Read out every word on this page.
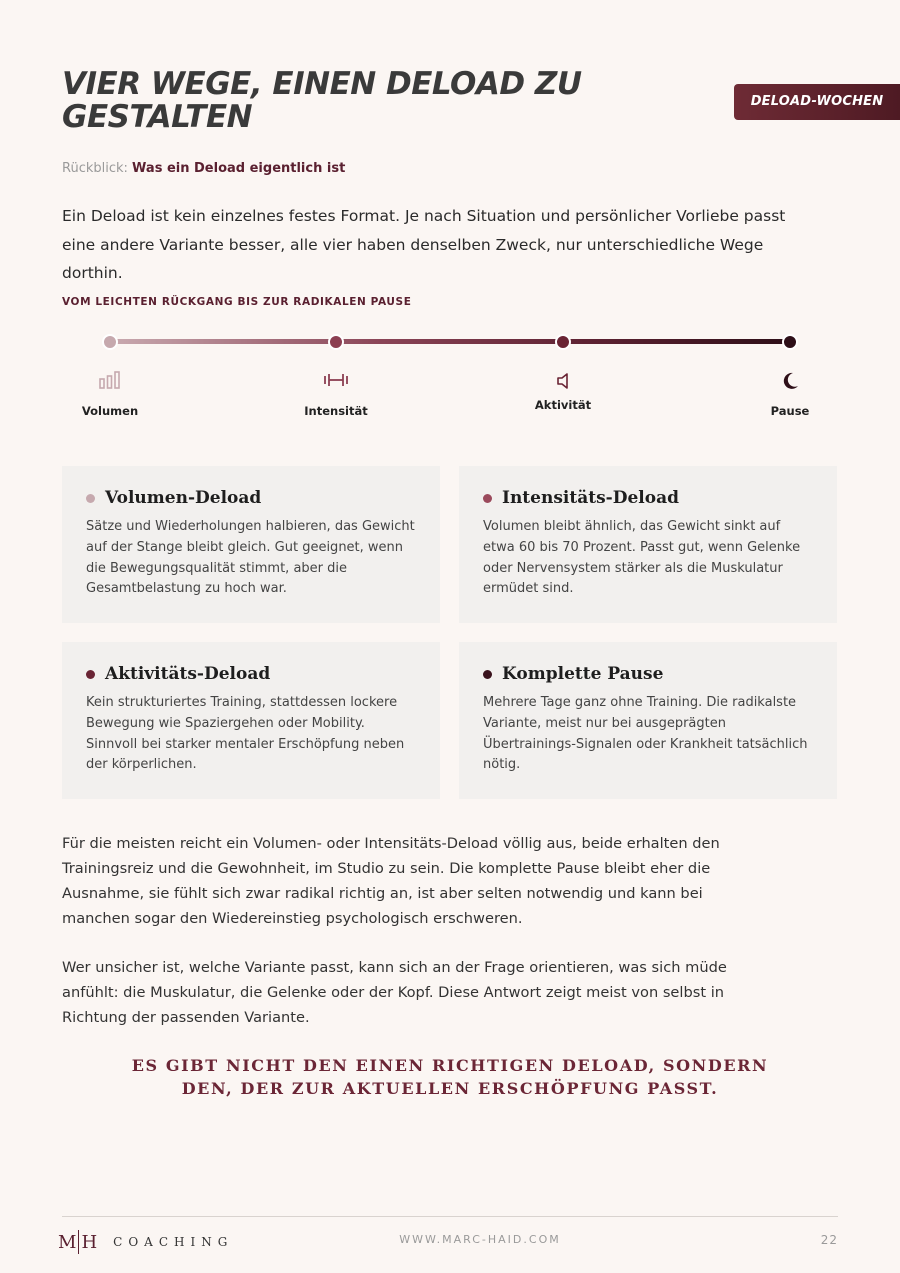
VIER WEGE, EINEN DELOAD ZU GESTALTEN	DELOAD-WOCHEN
Rückblick: Was ein Deload eigentlich ist

Ein Deload ist kein einzelnes festes Format. Je nach Situation und persönlicher Vorliebe passt eine andere Variante besser, alle vier haben denselben Zweck, nur unterschiedliche Wege dorthin.

VOM LEICHTEN RÜCKGANG BIS ZUR RADIKALEN PAUSE
Volumen	Intensität	Aktivität	Pause
Volumen-Deload

Sätze und Wiederholungen halbieren, das Gewicht auf der Stange bleibt gleich. Gut geeignet, wenn die Bewegungsqualität stimmt, aber die Gesamtbelastung zu hoch war.

Intensitäts-Deload

Volumen bleibt ähnlich, das Gewicht sinkt auf etwa 60 bis 70 Prozent. Passt gut, wenn Gelenke oder Nervensystem stärker als die Muskulatur ermüdet sind.

Aktivitäts-Deload

Kein strukturiertes Training, stattdessen lockere Bewegung wie Spaziergehen oder Mobility. Sinnvoll bei starker mentaler Erschöpfung neben der körperlichen.

Komplette Pause

Mehrere Tage ganz ohne Training. Die radikalste Variante, meist nur bei ausgeprägten Übertrainings-Signalen oder Krankheit tatsächlich nötig.

Für die meisten reicht ein Volumen- oder Intensitäts-Deload völlig aus, beide erhalten den Trainingsreiz und die Gewohnheit, im Studio zu sein. Die komplette Pause bleibt eher die Ausnahme, sie fühlt sich zwar radikal richtig an, ist aber selten notwendig und kann bei manchen sogar den Wiedereinstieg psychologisch erschweren.

Wer unsicher ist, welche Variante passt, kann sich an der Frage orientieren, was sich müde anfühlt: die Muskulatur, die Gelenke oder der Kopf. Diese Antwort zeigt meist von selbst in Richtung der passenden Variante.

ES GIBT NICHT DEN EINEN RICHTIGEN DELOAD, SONDERN DEN, DER ZUR AKTUELLEN ERSCHÖPFUNG PASST.
M H COACHING	WWW.MARC-HAID.COM	22
